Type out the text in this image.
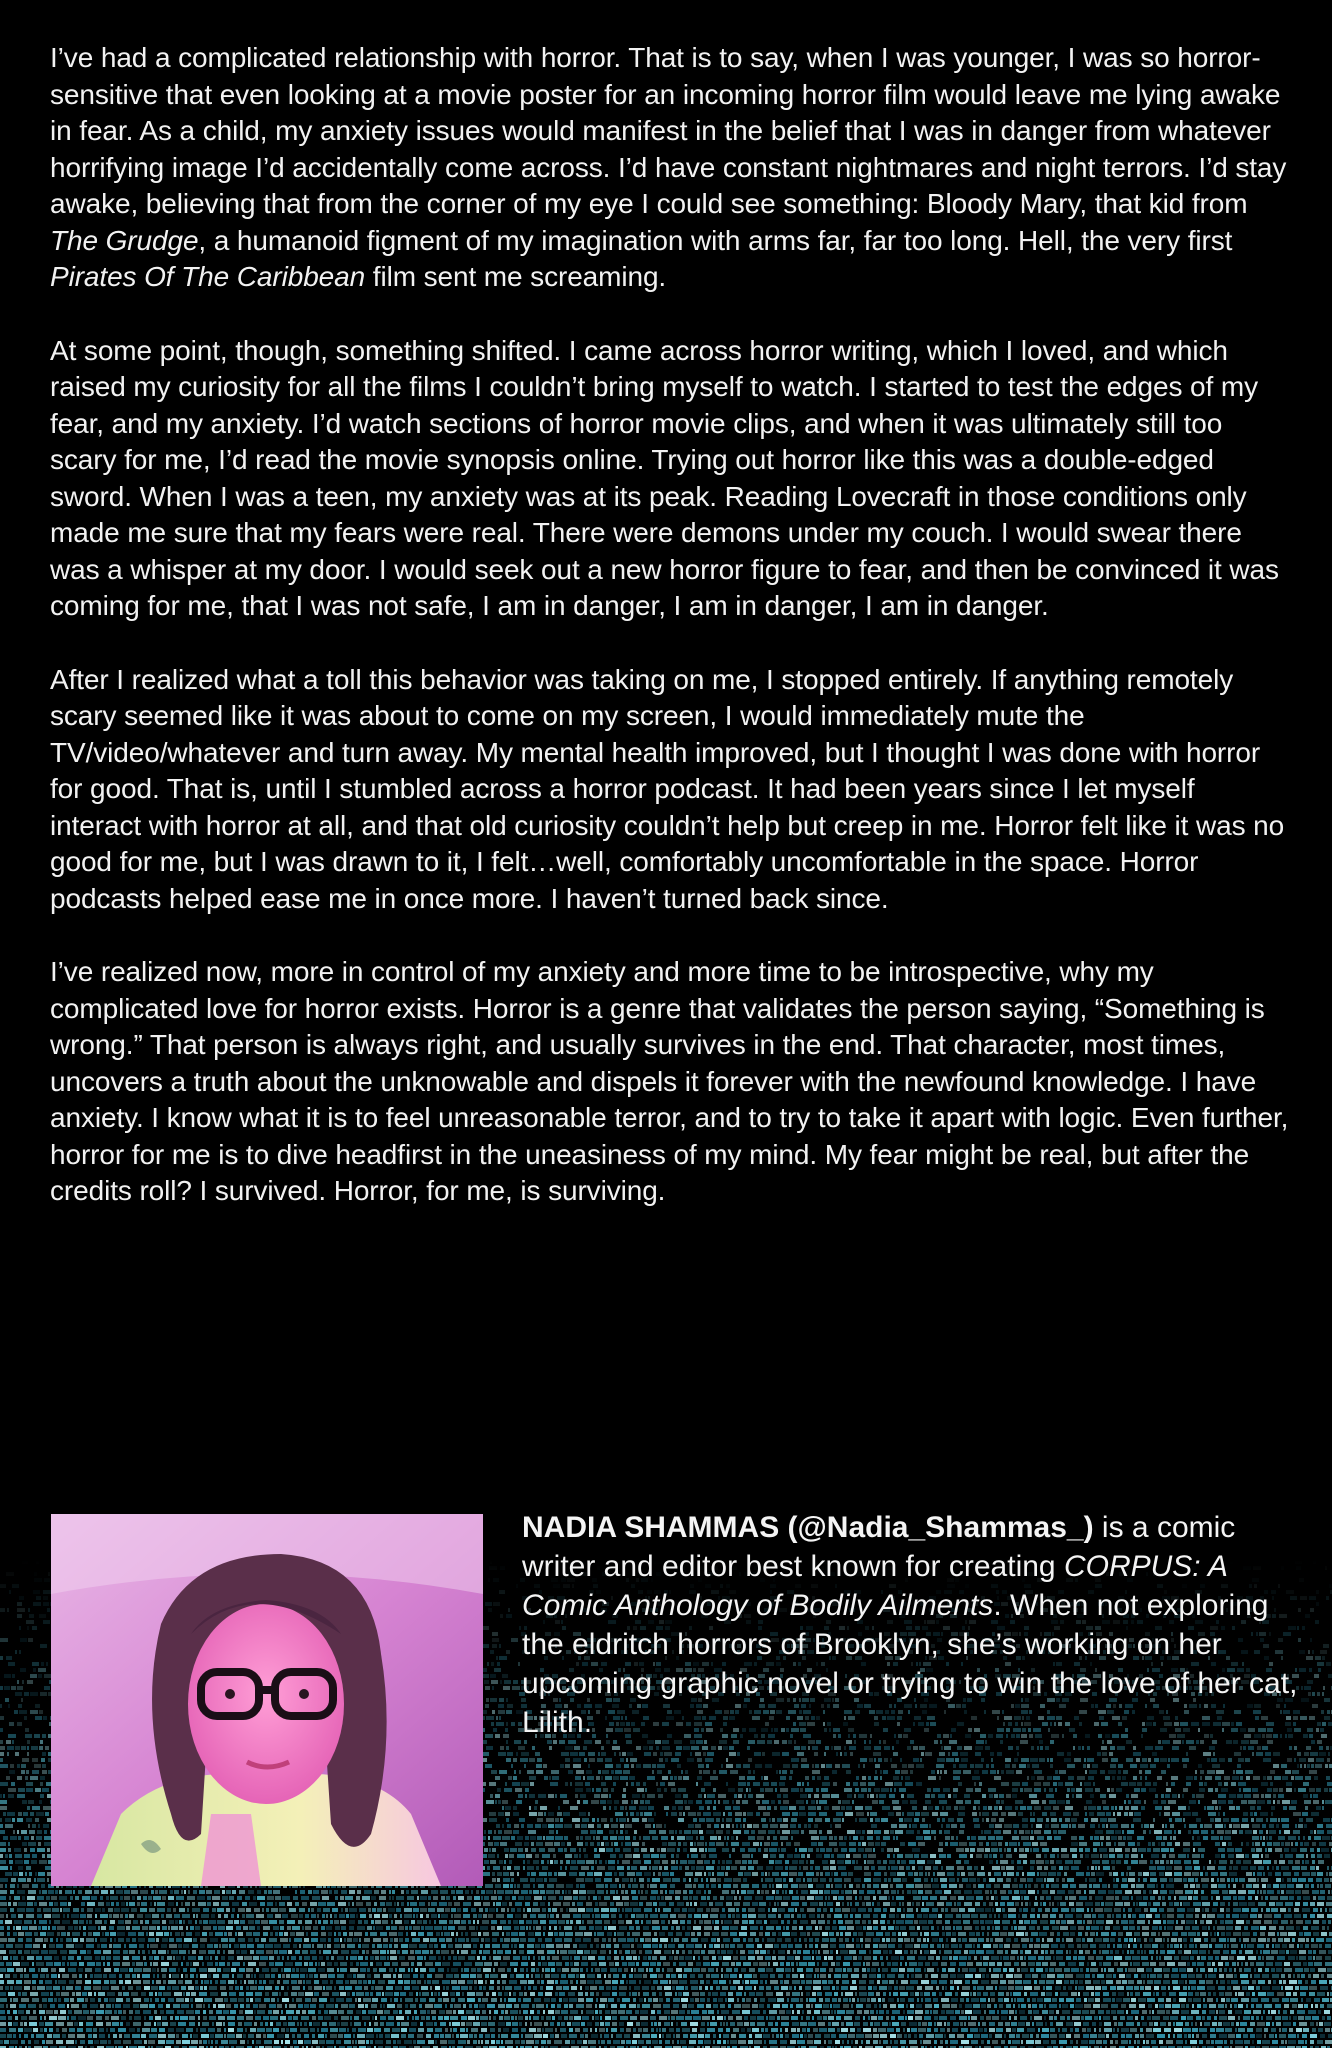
I’ve had a complicated relationship with horror. That is to say, when I was younger, I was so horror-sensitive that even looking at a movie poster for an incoming horror film would leave me lying awake in fear. As a child, my anxiety issues would manifest in the belief that I was in danger from whatever horrifying image I’d accidentally come across. I’d have constant nightmares and night terrors. I’d stay awake, believing that from the corner of my eye I could see something: Bloody Mary, that kid from The Grudge, a humanoid figment of my imagination with arms far, far too long. Hell, the very first Pirates Of The Caribbean film sent me screaming.

At some point, though, something shifted. I came across horror writing, which I loved, and which raised my curiosity for all the films I couldn’t bring myself to watch. I started to test the edges of my fear, and my anxiety. I’d watch sections of horror movie clips, and when it was ultimately still too scary for me, I’d read the movie synopsis online. Trying out horror like this was a double-edged sword. When I was a teen, my anxiety was at its peak. Reading Lovecraft in those conditions only made me sure that my fears were real. There were demons under my couch. I would swear there was a whisper at my door. I would seek out a new horror figure to fear, and then be convinced it was coming for me, that I was not safe, I am in danger, I am in danger, I am in danger.

After I realized what a toll this behavior was taking on me, I stopped entirely. If anything remotely scary seemed like it was about to come on my screen, I would immediately mute the TV/video/whatever and turn away. My mental health improved, but I thought I was done with horror for good. That is, until I stumbled across a horror podcast. It had been years since I let myself interact with horror at all, and that old curiosity couldn’t help but creep in me. Horror felt like it was no good for me, but I was drawn to it, I felt…well, comfortably uncomfortable in the space. Horror podcasts helped ease me in once more. I haven’t turned back since.

I’ve realized now, more in control of my anxiety and more time to be introspective, why my complicated love for horror exists. Horror is a genre that validates the person saying, “Something is wrong.” That person is always right, and usually survives in the end. That character, most times, uncovers a truth about the unknowable and dispels it forever with the newfound knowledge. I have anxiety. I know what it is to feel unreasonable terror, and to try to take it apart with logic. Even further, horror for me is to dive headfirst in the uneasiness of my mind. My fear might be real, but after the credits roll? I survived. Horror, for me, is surviving.

NADIA SHAMMAS (@Nadia_Shammas_) is a comic writer and editor best known for creating CORPUS: A Comic Anthology of Bodily Ailments. When not exploring the eldritch horrors of Brooklyn, she’s working on her upcoming graphic novel or trying to win the love of her cat, Lilith.
